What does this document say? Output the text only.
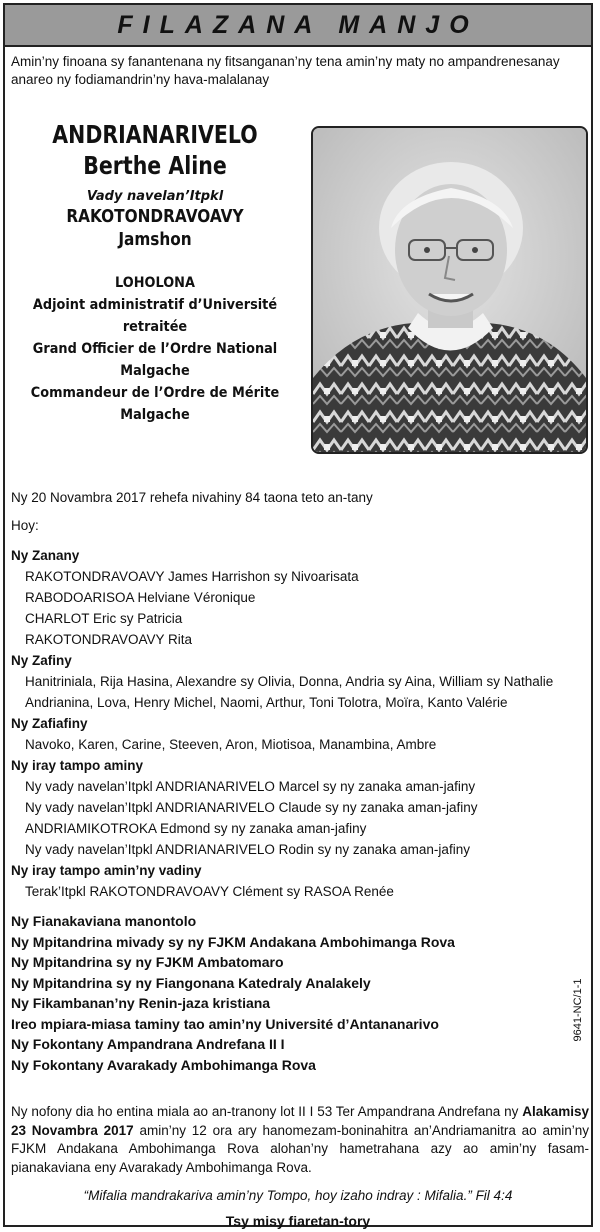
FILAZANA MANJO
Amin’ny finoana sy fanantenana ny fitsanganan’ny tena amin’ny maty no ampandrenesanay anareo ny fodiamandrin’ny hava-malalanay
ANDRIANARIVELO
Berthe Aline
Vady navelan’Itpkl
RAKOTONDRAVOAVY
Jamshon
LOHOLONA
Adjoint administratif d’Université
retraitée
Grand Officier de l’Ordre National
Malgache
Commandeur de l’Ordre de Mérite
Malgache
Ny 20 Novambra 2017 rehefa nivahiny 84 taona teto an-tany
Hoy:
Ny Zanany
RAKOTONDRAVOAVY James Harrishon sy Nivoarisata
RABODOARISOA Helviane Véronique
CHARLOT Eric sy Patricia
RAKOTONDRAVOAVY Rita
Ny Zafiny
Hanitriniala, Rija Hasina, Alexandre sy Olivia, Donna, Andria sy Aina, William sy Nathalie
Andrianina, Lova, Henry Michel, Naomi, Arthur, Toni Tolotra, Moïra, Kanto Valérie
Ny Zafiafiny
Navoko, Karen, Carine, Steeven, Aron, Miotisoa, Manambina, Ambre
Ny iray tampo aminy
Ny vady navelan’Itpkl ANDRIANARIVELO Marcel sy ny zanaka aman-jafiny
Ny vady navelan’Itpkl ANDRIANARIVELO Claude sy ny zanaka aman-jafiny
ANDRIAMIKOTROKA Edmond sy ny zanaka aman-jafiny
Ny vady navelan’Itpkl ANDRIANARIVELO Rodin sy ny zanaka aman-jafiny
Ny iray tampo amin’ny vadiny
Terak’Itpkl RAKOTONDRAVOAVY Clément sy RASOA Renée
Ny Fianakaviana manontolo
Ny Mpitandrina mivady sy ny FJKM Andakana Ambohimanga Rova
Ny Mpitandrina sy ny FJKM Ambatomaro
Ny Mpitandrina sy ny Fiangonana Katedraly Analakely
Ny Fikambanan’ny Renin-jaza kristiana
Ireo mpiara-miasa taminy tao amin’ny Université d’Antananarivo
Ny Fokontany Ampandrana Andrefana II I
Ny Fokontany Avarakady Ambohimanga Rova
9641-NC/1-1
Ny nofony dia ho entina miala ao an-tranony lot II I 53 Ter Ampandrana Andrefana ny Alakamisy 23 Novambra 2017 amin’ny 12 ora ary hanomezam-boninahitra an’Andriamanitra ao amin’ny FJKM Andakana Ambohimanga Rova alohan’ny hametrahana azy ao amin’ny fasam-pianakaviana eny Avarakady Ambohimanga Rova.
“Mifalia mandrakariva amin’ny Tompo, hoy izaho indray : Mifalia.” Fil 4:4
Tsy misy fiaretan-tory
